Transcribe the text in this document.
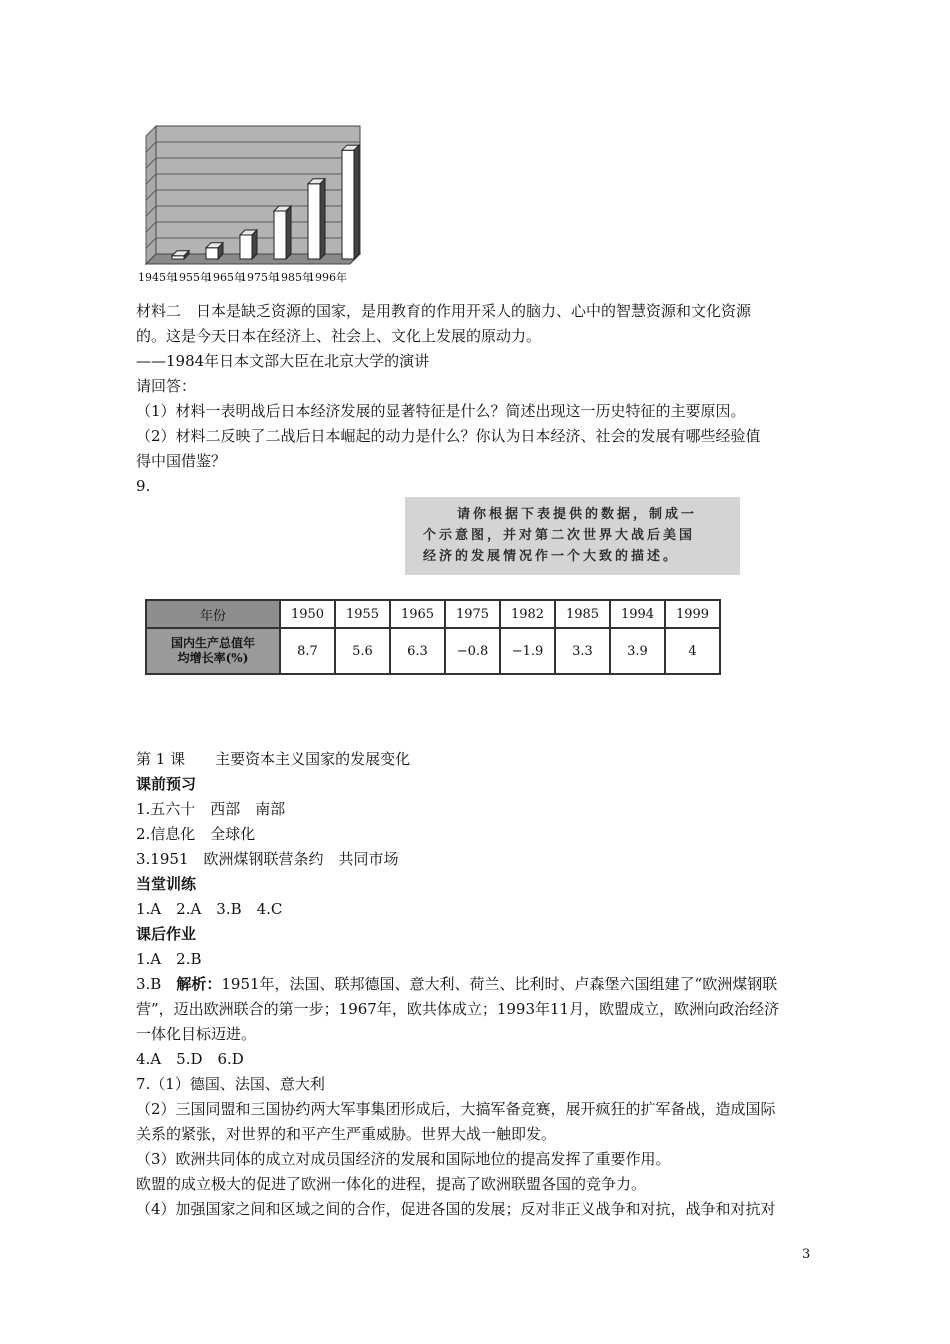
1945年
1955年
1965年
1975年
1985年
1996年
材料二　日本是缺乏资源的国家，是用教育的作用开采人的脑力、心中的智慧资源和文化资源
的。这是今天日本在经济上、社会上、文化上发展的原动力。
——1984年日本文部大臣在北京大学的演讲
请回答：
（1）材料一表明战后日本经济发展的显著特征是什么？简述出现这一历史特征的主要原因。
（2）材料二反映了二战后日本崛起的动力是什么？你认为日本经济、社会的发展有哪些经验值
得中国借鉴？
9.
请你根据下表提供的数据，制成一
个示意图，并对第二次世界大战后美国
经济的发展情况作一个大致的描述。
年份	1950	1955	1965	1975	1982	1985	1994	1999

国内生产总值年
均增长率(%)	8.7	5.6	6.3	−0.8	−1.9	3.3	3.9	4
第 1 课　　主要资本主义国家的发展变化
课前预习
1.五六十　西部　南部
2.信息化　全球化
3.1951　欧洲煤钢联营条约　共同市场
当堂训练
1.A　2.A　3.B　4.C
课后作业
1.A　2.B
3.B　解析：1951年，法国、联邦德国、意大利、荷兰、比利时、卢森堡六国组建了“欧洲煤钢联
营”，迈出欧洲联合的第一步；1967年，欧共体成立；1993年11月，欧盟成立，欧洲向政治经济
一体化目标迈进。
4.A　5.D　6.D
7.（1）德国、法国、意大利
（2）三国同盟和三国协约两大军事集团形成后，大搞军备竞赛，展开疯狂的扩军备战，造成国际
关系的紧张，对世界的和平产生严重威胁。世界大战一触即发。
（3）欧洲共同体的成立对成员国经济的发展和国际地位的提高发挥了重要作用。
欧盟的成立极大的促进了欧洲一体化的进程，提高了欧洲联盟各国的竞争力。
（4）加强国家之间和区域之间的合作，促进各国的发展；反对非正义战争和对抗，战争和对抗对
3
